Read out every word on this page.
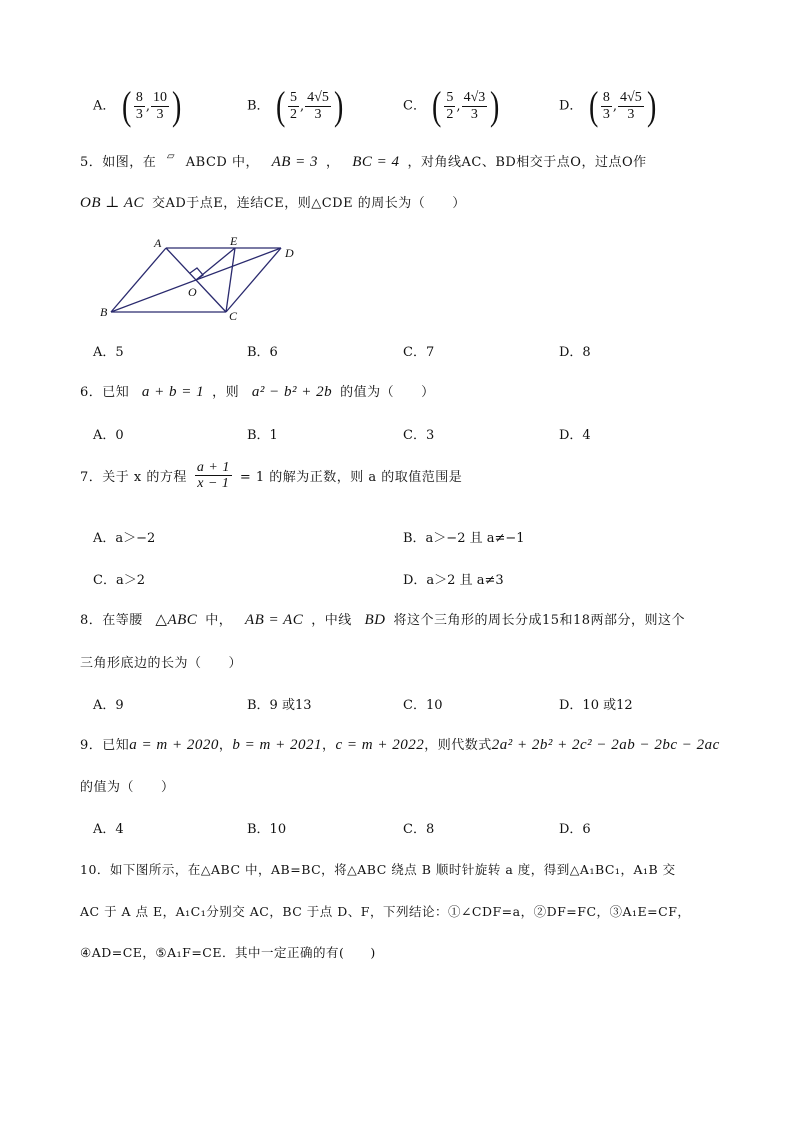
A． ( $\frac{8}{3}$ , $\frac{10}{3}$ )	B． ( $\frac{5}{2}$ , $\frac{4√5}{3}$ )	C． ( $\frac{5}{2}$ , $\frac{4√3}{3}$ )	D． ( $\frac{8}{3}$ , $\frac{4√5}{3}$ )
5．如图，在 ▱ ABCD 中， AB = 3 ， BC = 4 ，对角线AC、BD相交于点O，过点O作
OB ⊥ AC 交AD于点E，连结CE，则△CDE 的周长为（　　）
A	E
D
O
B	C
A．5	B．6	C．7	D．8
6．已知 a + b = 1 ，则 a² − b² + 2b 的值为（　　）
A．0	B．1	C．3	D．4
7．关于 x 的方程 $\frac{a + 1}{x - 1} = 1$ 的解为正数，则 a 的取值范围是
A．a＞−2	B．a＞−2 且 a≠−1
C．a＞2	D．a＞2 且 a≠3
8．在等腰 △ABC 中， AB = AC ，中线 BD 将这个三角形的周长分成15和18两部分，则这个
三角形底边的长为（　　）
A．9	B．9 或13	C．10	D．10 或12
9．已知a = m + 2020，b = m + 2021，c = m + 2022，则代数式2a² + 2b² + 2c² − 2ab − 2bc − 2ac
的值为（　　）
A．4	B．10	C．8	D．6
10．如下图所示，在△ABC 中，AB=BC，将△ABC 绕点 B 顺时针旋转 a 度，得到△A₁BC₁，A₁B 交
AC 于 A 点 E，A₁C₁分别交 AC，BC 于点 D、F，下列结论：①∠CDF=a，②DF=FC，③A₁E=CF，
④AD=CE，⑤A₁F=CE．其中一定正确的有(　　)
